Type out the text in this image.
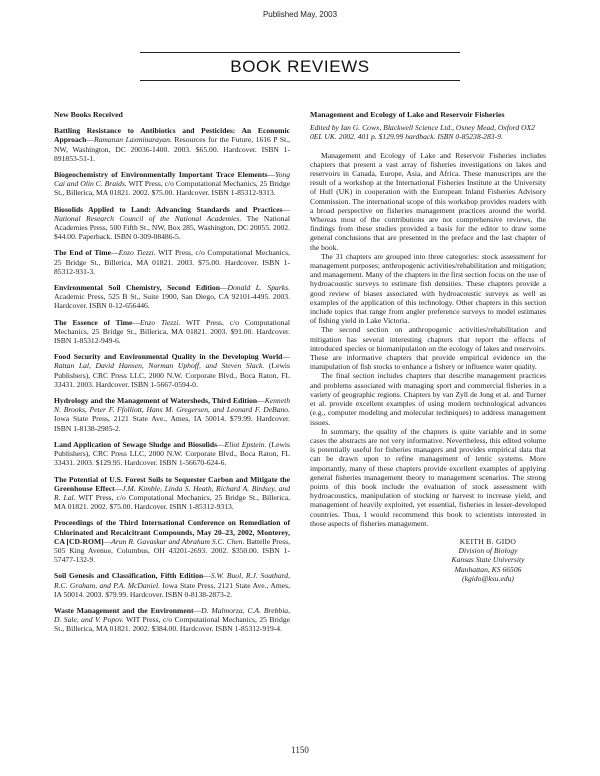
Published May, 2003
BOOK REVIEWS
New Books Received
Battling Resistance to Antibiotics and Pesticides: An Economic Approach—Ramanan Laxminarayan. Resources for the Future, 1616 P St., NW, Washington, DC 20036-1400. 2003. $65.00. Hardcover. ISBN 1-891853-51-1.
Biogeochemistry of Environmentally Important Trace Elements—Yong Cai and Olin C. Braids. WIT Press, c/o Computational Mechanics, 25 Bridge St., Billerica, MA 01821. 2002. $75.00. Hardcover. ISBN 1-85312-9313.
Biosolids Applied to Land: Advancing Standards and Practices—National Research Council of the National Academies. The National Academies Press, 500 Fifth St., NW, Box 285, Washington, DC 20055. 2002. $44.00. Paperback. ISBN 0-309-08486-5.
The End of Time—Enzo Tiezzi. WIT Press, c/o Computational Mechanics, 25 Bridge St., Billerica, MA 01821. 2003. $75.00. Hardcover. ISBN 1-85312-931-3.
Environmental Soil Chemistry, Second Edition—Donald L. Sparks. Academic Press, 525 B St., Suite 1900, San Diego, CA 92101-4495. 2003. Hardcover. ISBN 0-12-656446.
The Essence of Time—Enzo Tiezzi. WIT Press, c/o Computational Mechanics, 25 Bridge St., Billerica, MA 01821. 2003. $91.00. Hardcover. ISBN 1-85312-949-6.
Food Security and Environmental Quality in the Developing World—Rattan Lal, David Hansen, Norman Uphoff, and Steven Slack. (Lewis Publishers), CRC Press LLC, 2000 N.W. Corporate Blvd., Boca Raton, FL 33431. 2003. Hardcover. ISBN 1-5667-0594-0.
Hydrology and the Management of Watersheds, Third Edition—Kenneth N. Brooks, Peter F. Ffolliott, Hans M. Gregersen, and Leonard F. DeBano. Iowa State Press, 2121 State Ave., Ames, IA 50014. $79.99. Hardcover. ISBN 1-8138-2985-2.
Land Application of Sewage Sludge and Biosolids—Eliot Epstein. (Lewis Publishers), CRC Press LLC, 2000 N.W. Corporate Blvd., Boca Raton, FL 33431. 2003. $129.95. Hardcover. ISBN 1-56670-624-6.
The Potential of U.S. Forest Soils to Sequester Carbon and Mitigate the Greenhouse Effect—J.M. Kimble, Linda S. Heath, Richard A. Birdsey, and R. Lal. WIT Press, c/o Computational Mechanics, 25 Bridge St., Billerica, MA 01821. 2002. $75.00. Hardcover. ISBN 1-85312-9313.
Proceedings of the Third International Conference on Remediation of Chlorinated and Recalcitrant Compounds, May 20–23, 2002, Monterey, CA [CD-ROM]—Arun R. Gavaskar and Abraham S.C. Chen. Battelle Press, 505 King Avenue, Columbus, OH 43201-2693. 2002. $350.00. ISBN 1-57477-132-9.
Soil Genesis and Classification, Fifth Edition—S.W. Buol, R.J. Southard, R.C. Graham, and P.A. McDaniel. Iowa State Press, 2121 State Ave., Ames, IA 50014. 2003. $79.99. Hardcover. ISBN 0-8138-2873-2.
Waste Management and the Environment—D. Malmorza, C.A. Brebbia, D. Sale, and V. Popov. WIT Press, c/o Computational Mechanics, 25 Bridge St., Billerica, MA 01821. 2002. $384.00. Hardcover. ISBN 1-85312-919-4.
Management and Ecology of Lake and Reservoir Fisheries
Edited by Ian G. Cowx, Blackwell Science Ltd., Osney Mead, Oxford OX2 0EL UK. 2002. 401 p. $129.99 hardback. ISBN 0-85238-283-9.

Management and Ecology of Lake and Reservoir Fisheries includes chapters that present a vast array of fisheries investigations on lakes and reservoirs in Canada, Europe, Asia, and Africa. These manuscripts are the result of a workshop at the International Fisheries Institute at the University of Hull (UK) in cooperation with the European Inland Fisheries Advisory Commission. The international scope of this workshop provides readers with a broad perspective on fisheries management practices around the world. Whereas most of the contributions are not comprehensive reviews, the findings from these studies provided a basis for the editor to draw some general conclusions that are presented in the preface and the last chapter of the book.

The 31 chapters are grouped into three categories: stock assessment for management purposes; anthropogenic activities/rehabilitation and mitigation; and management. Many of the chapters in the first section focus on the use of hydroacoustic surveys to estimate fish densities. These chapters provide a good review of biases associated with hydroacoustic surveys as well as examples of the application of this technology. Other chapters in this section include topics that range from angler preference surveys to model estimates of fishing yield in Lake Victoria.

The second section on anthropogenic activities/rehabilitation and mitigation has several interesting chapters that report the effects of introduced species or biomanipulation on the ecology of lakes and reservoirs. These are informative chapters that provide empirical evidence on the manipulation of fish stocks to enhance a fishery or influence water quality.

The final section includes chapters that describe management practices and problems associated with managing sport and commercial fisheries in a variety of geographic regions. Chapters by van Zyll de Jong et al. and Turner et al. provide excellent examples of using modern technological advances (e.g., computer modeling and molecular techniques) to address management issues.

In summary, the quality of the chapters is quite variable and in some cases the abstracts are not very informative. Nevertheless, this edited volume is potentially useful for fisheries managers and provides empirical data that can be drawn upon to refine management of lentic systems. More importantly, many of these chapters provide excellent examples of applying general fisheries management theory to management scenarios. The strong points of this book include the evaluation of stock assessment with hydroacoustics, manipulation of stocking or harvest to increase yield, and management of heavily exploited, yet essential, fisheries in lesser-developed countries. Thus, I would recommend this book to scientists interested in those aspects of fisheries management.

KEITH B. GIDO
Division of Biology
Kansas State University
Manhattan, KS 66506
(kgido@ksu.edu)
1150
